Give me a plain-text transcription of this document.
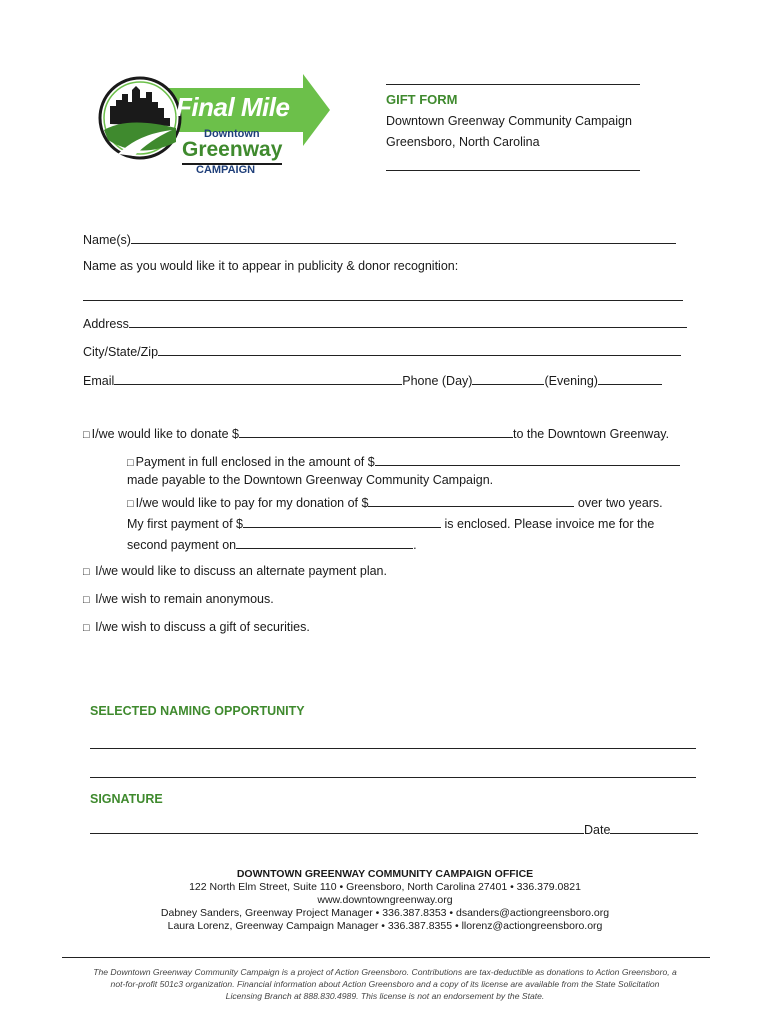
Final Mile
Downtown
Greenway
CAMPAIGN
GIFT FORM
Downtown Greenway Community Campaign
Greensboro, North Carolina
Name(s)
Name as you would like it to appear in publicity & donor recognition:
Address
City/State/Zip
Email	Phone (Day)	(Evening)
□ I/we would like to donate $	to the Downtown Greenway.
□ Payment in full enclosed in the amount of $
made payable to the Downtown Greenway Community Campaign.
□ I/we would like to pay for my donation of $	over two years.
My first payment of $	is enclosed. Please invoice me for the
second payment on	.
□ I/we would like to discuss an alternate payment plan.
□ I/we wish to remain anonymous.
□ I/we wish to discuss a gift of securities.
SELECTED NAMING OPPORTUNITY
SIGNATURE
Date
DOWNTOWN GREENWAY COMMUNITY CAMPAIGN OFFICE
122 North Elm Street, Suite 110 • Greensboro, North Carolina 27401 • 336.379.0821
www.downtowngreenway.org
Dabney Sanders, Greenway Project Manager • 336.387.8353 • dsanders@actiongreensboro.org
Laura Lorenz, Greenway Campaign Manager • 336.387.8355 • llorenz@actiongreensboro.org
The Downtown Greenway Community Campaign is a project of Action Greensboro. Contributions are tax-deductible as donations to Action Greensboro, a
not-for-profit 501c3 organization. Financial information about Action Greensboro and a copy of its license are available from the State Solicitation
Licensing Branch at 888.830.4989. This license is not an endorsement by the State.
